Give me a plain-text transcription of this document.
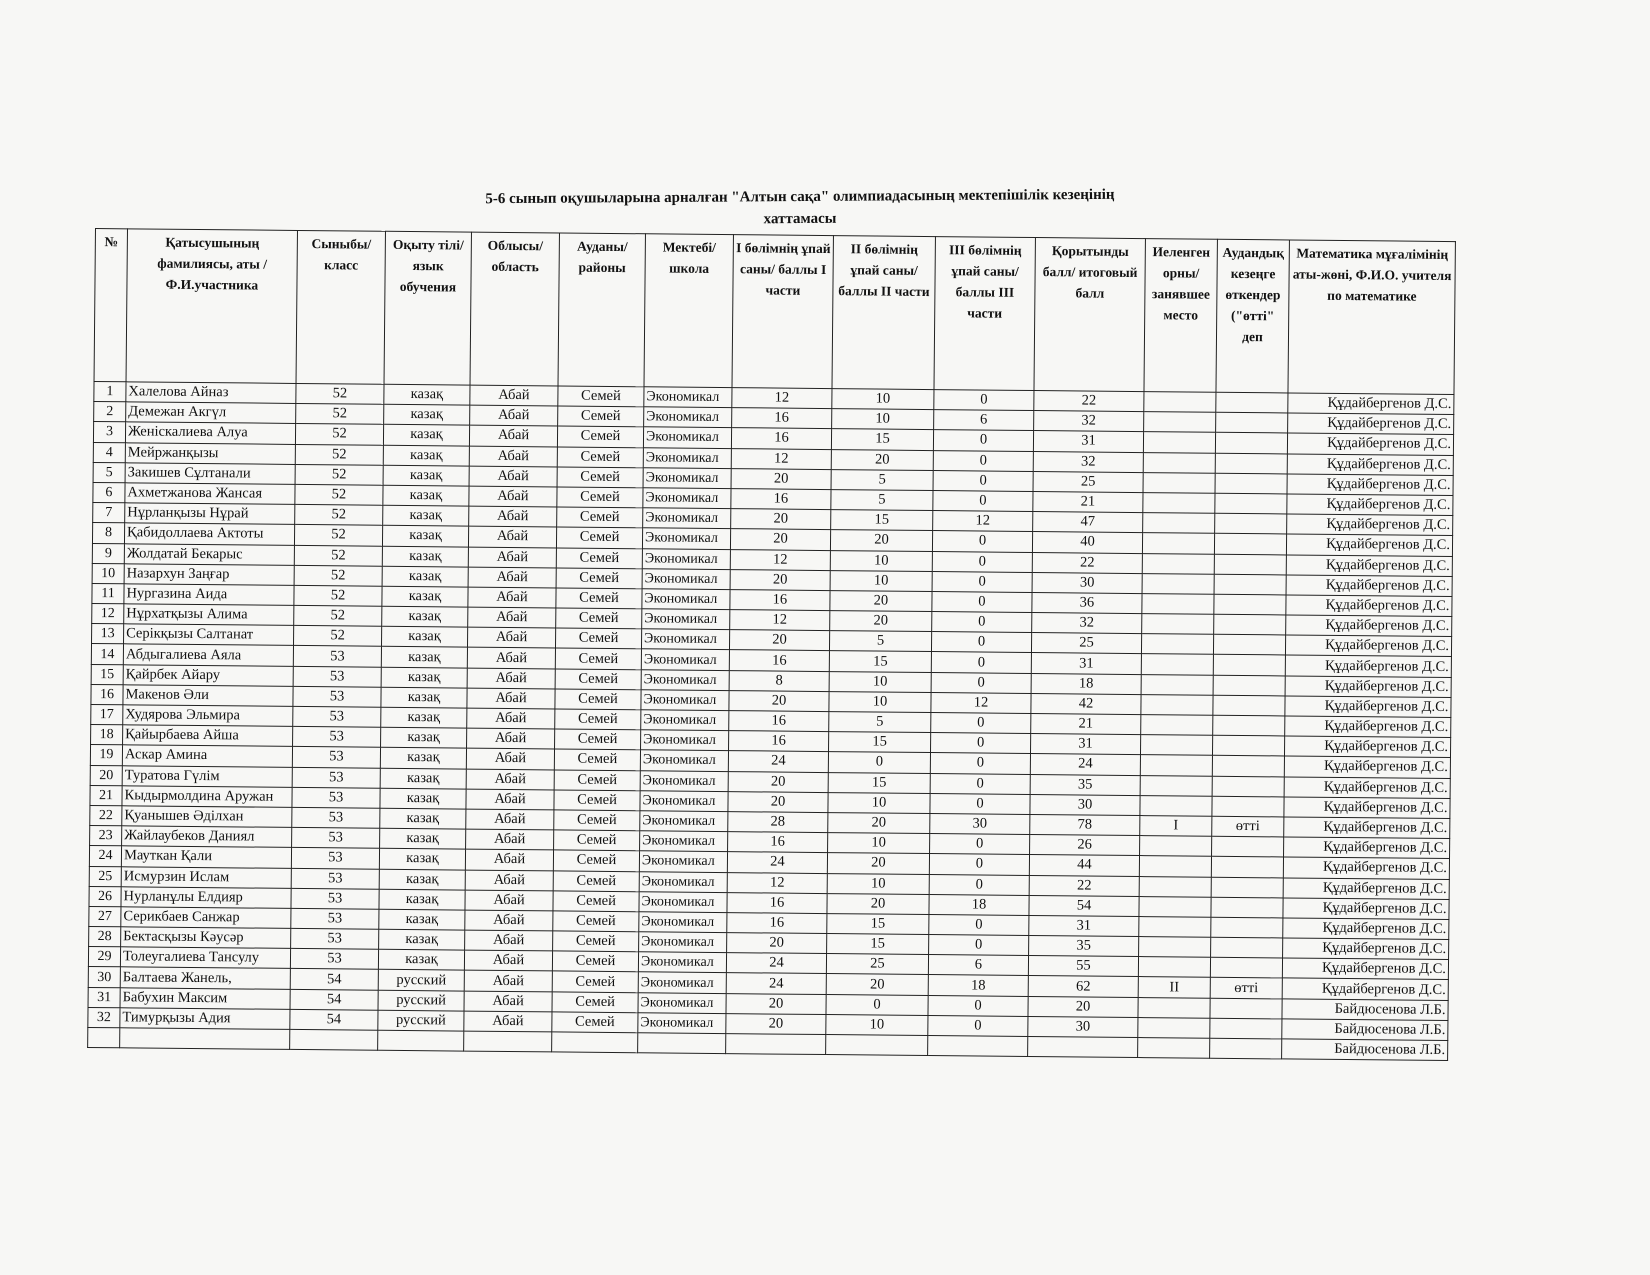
5-6 сынып оқушыларына арналған "Алтын сақа" олимпиадасының мектепішілік кезеңінің
хаттамасы
№	Қатысушының фамилиясы, аты /Ф.И.участника	Сыныбы/класс	Оқыту тілі/ язык обучения	Облысы/ область	Ауданы/ районы	Мектебі/ школа	І бөлімнің ұпай саны/ баллы І части	ІІ бөлімнің ұпай саны/ баллы ІІ части	ІІІ бөлімнің ұпай саны/ баллы ІІІ части	Қорытынды балл/ итоговый балл	Иеленген орны/ занявшее место	Аудандық кезеңге өткендер ("өтті" деп	Математика мұғалімінің аты-жөні, Ф.И.О. учителя по математике
1	Халелова Айназ	52	казақ	Абай	Семей	Экономикал	12	10	0	22			Құдайбергенов Д.С.
2	Демежан Акгүл	52	казақ	Абай	Семей	Экономикал	16	10	6	32			Құдайбергенов Д.С.
3	Женіскалиева Алуа	52	казақ	Абай	Семей	Экономикал	16	15	0	31			Құдайбергенов Д.С.
4	Мейржанқызы	52	казақ	Абай	Семей	Экономикал	12	20	0	32			Құдайбергенов Д.С.
5	Закишев Сұлтанали	52	казақ	Абай	Семей	Экономикал	20	5	0	25			Құдайбергенов Д.С.
6	Ахметжанова Жансая	52	казақ	Абай	Семей	Экономикал	16	5	0	21			Құдайбергенов Д.С.
7	Нұрланқызы Нұрай	52	казақ	Абай	Семей	Экономикал	20	15	12	47			Құдайбергенов Д.С.
8	Қабидоллаева Актоты	52	казақ	Абай	Семей	Экономикал	20	20	0	40			Құдайбергенов Д.С.
9	Жолдатай Бекарыс	52	казақ	Абай	Семей	Экономикал	12	10	0	22			Құдайбергенов Д.С.
10	Назархун Заңғар	52	казақ	Абай	Семей	Экономикал	20	10	0	30			Құдайбергенов Д.С.
11	Нургазина Аида	52	казақ	Абай	Семей	Экономикал	16	20	0	36			Құдайбергенов Д.С.
12	Нұрхатқызы Алима	52	казақ	Абай	Семей	Экономикал	12	20	0	32			Құдайбергенов Д.С.
13	Серікқызы Салтанат	52	казақ	Абай	Семей	Экономикал	20	5	0	25			Құдайбергенов Д.С.
14	Абдыгалиева Аяла	53	казақ	Абай	Семей	Экономикал	16	15	0	31			Құдайбергенов Д.С.
15	Қайрбек Айару	53	казақ	Абай	Семей	Экономикал	8	10	0	18			Құдайбергенов Д.С.
16	Макенов Әли	53	казақ	Абай	Семей	Экономикал	20	10	12	42			Құдайбергенов Д.С.
17	Худярова Эльмира	53	казақ	Абай	Семей	Экономикал	16	5	0	21			Құдайбергенов Д.С.
18	Қайырбаева Айша	53	казақ	Абай	Семей	Экономикал	16	15	0	31			Құдайбергенов Д.С.
19	Аскар Амина	53	казақ	Абай	Семей	Экономикал	24	0	0	24			Құдайбергенов Д.С.
20	Туратова Гүлім	53	казақ	Абай	Семей	Экономикал	20	15	0	35			Құдайбергенов Д.С.
21	Кыдырмолдина Аружан	53	казақ	Абай	Семей	Экономикал	20	10	0	30			Құдайбергенов Д.С.
22	Қуанышев Әділхан	53	казақ	Абай	Семей	Экономикал	28	20	30	78	I	өтті	Құдайбергенов Д.С.
23	Жайлаубеков Даниял	53	казақ	Абай	Семей	Экономикал	16	10	0	26			Құдайбергенов Д.С.
24	Мауткан Қали	53	казақ	Абай	Семей	Экономикал	24	20	0	44			Құдайбергенов Д.С.
25	Исмурзин Ислам	53	казақ	Абай	Семей	Экономикал	12	10	0	22			Құдайбергенов Д.С.
26	Нурланұлы Елдияр	53	казақ	Абай	Семей	Экономикал	16	20	18	54			Құдайбергенов Д.С.
27	Серикбаев Санжар	53	казақ	Абай	Семей	Экономикал	16	15	0	31			Құдайбергенов Д.С.
28	Бектасқызы Кәусәр	53	казақ	Абай	Семей	Экономикал	20	15	0	35			Құдайбергенов Д.С.
29	Толеугалиева Тансулу	53	казақ	Абай	Семей	Экономикал	24	25	6	55			Құдайбергенов Д.С.
30	Балтаева Жанель,	54	русский	Абай	Семей	Экономикал	24	20	18	62	II	өтті	Құдайбергенов Д.С.
31	Бабухин Максим	54	русский	Абай	Семей	Экономикал	20	0	0	20			Байдюсенова Л.Б.
32	Тимурқызы Адия	54	русский	Абай	Семей	Экономикал	20	10	0	30			Байдюсенова Л.Б.
													Байдюсенова Л.Б.
